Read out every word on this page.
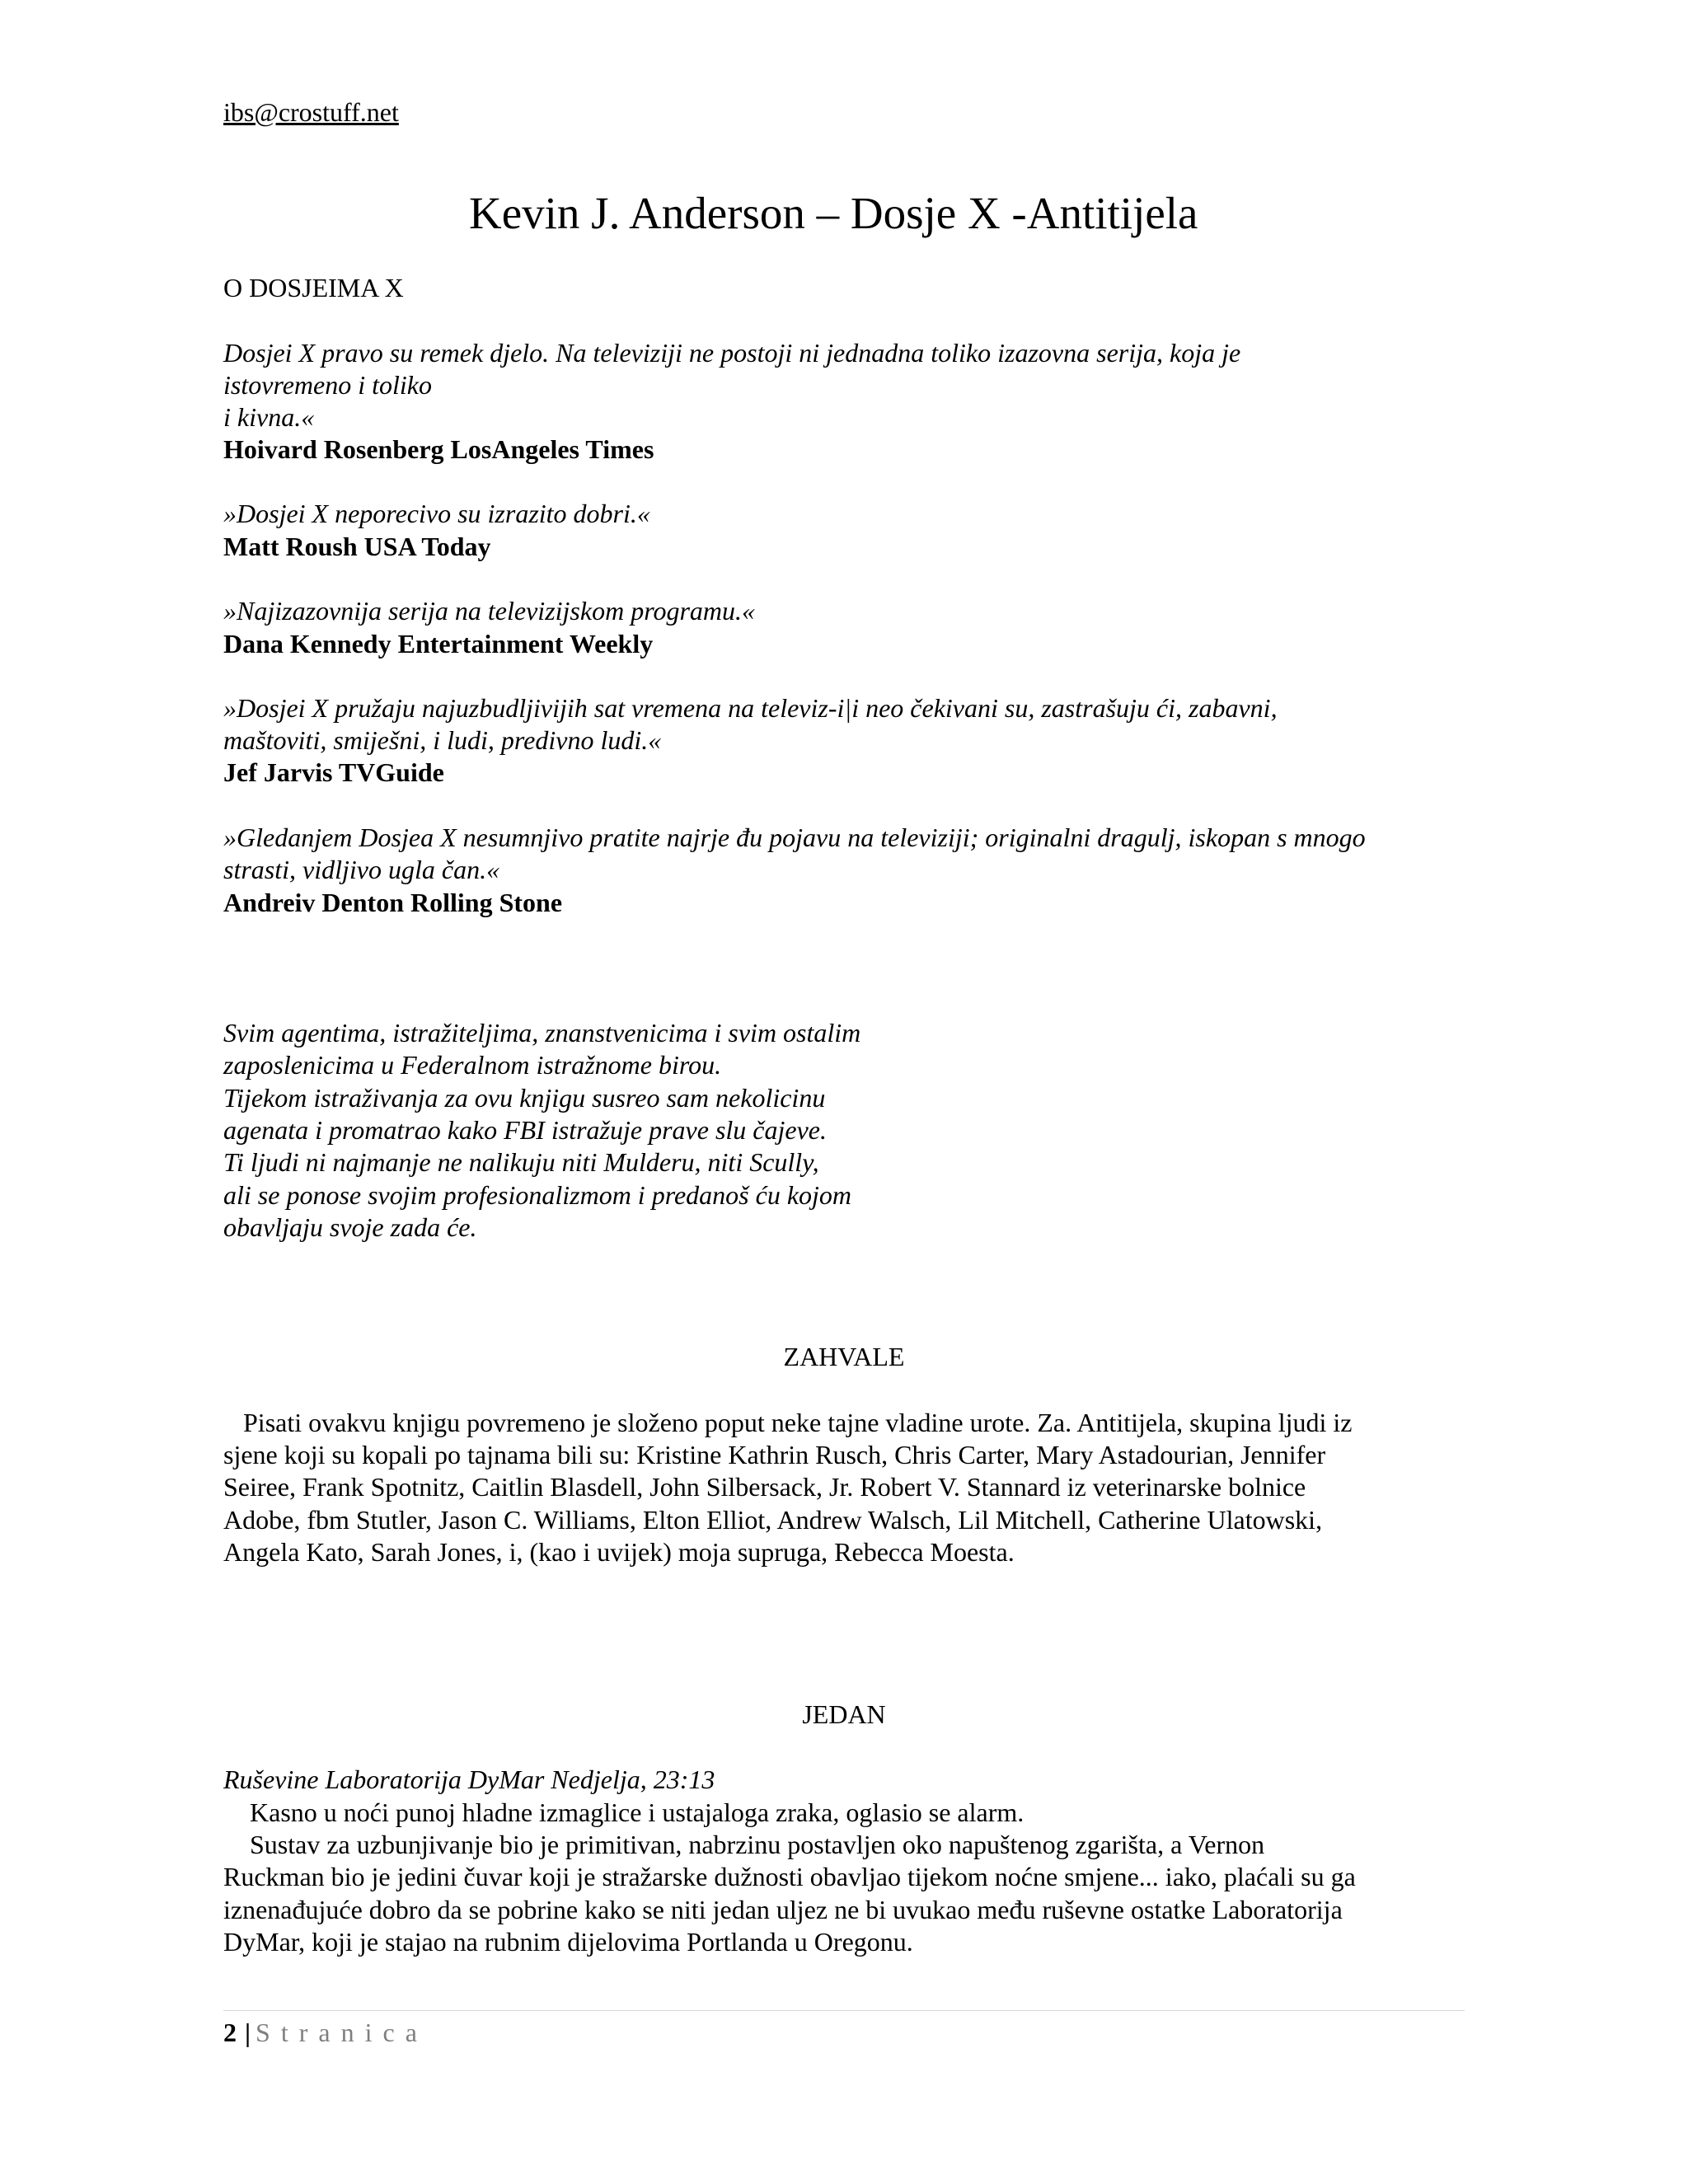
ibs@crostuff.net

Kevin J. Anderson – Dosje X -Antitijela

O DOSJEIMA X

Dosjei X pravo su remek djelo. Na televiziji ne postoji ni jednadna toliko izazovna serija, koja je

istovremeno i toliko

i kivna.«

Hoivard Rosenberg LosAngeles Times

»Dosjei X neporecivo su izrazito dobri.«

Matt Roush USA Today

»Najizazovnija serija na televizijskom programu.«

Dana Kennedy Entertainment Weekly

»Dosjei X pružaju najuzbudljivijih sat vremena na televiz-i|i neo čekivani su, zastrašuju ći, zabavni,

maštoviti, smiješni, i ludi, predivno ludi.«

Jef Jarvis TVGuide

»Gledanjem Dosjea X nesumnjivo pratite najrje đu pojavu na televiziji; originalni dragulj, iskopan s mnogo

strasti, vidljivo ugla čan.«

Andreiv Denton Rolling Stone

Svim agentima, istražiteljima, znanstvenicima i svim ostalim

zaposlenicima u Federalnom istražnome birou.

Tijekom istraživanja za ovu knjigu susreo sam nekolicinu

agenata i promatrao kako FBI istražuje prave slu čajeve.

Ti ljudi ni najmanje ne nalikuju niti Mulderu, niti Scully,

ali se ponose svojim profesionalizmom i predanoš ću kojom

obavljaju svoje zada će.

ZAHVALE

Pisati ovakvu knjigu povremeno je složeno poput neke tajne vladine urote. Za. Antitijela, skupina ljudi iz

sjene koji su kopali po tajnama bili su: Kristine Kathrin Rusch, Chris Carter, Mary Astadourian, Jennifer

Seiree, Frank Spotnitz, Caitlin Blasdell, John Silbersack, Jr. Robert V. Stannard iz veterinarske bolnice

Adobe, fbm Stutler, Jason C. Williams, Elton Elliot, Andrew Walsch, Lil Mitchell, Catherine Ulatowski,

Angela Kato, Sarah Jones, i, (kao i uvijek) moja supruga, Rebecca Moesta.

JEDAN

Ruševine Laboratorija DyMar Nedjelja, 23:13

Kasno u noći punoj hladne izmaglice i ustajaloga zraka, oglasio se alarm.

Sustav za uzbunjivanje bio je primitivan, nabrzinu postavljen oko napuštenog zgarišta, a Vernon

Ruckman bio je jedini čuvar koji je stražarske dužnosti obavljao tijekom noćne smjene... iako, plaćali su ga

iznenađujuće dobro da se pobrine kako se niti jedan uljez ne bi uvukao među ruševne ostatke Laboratorija

DyMar, koji je stajao na rubnim dijelovima Portlanda u Oregonu.

2 | Stranica
